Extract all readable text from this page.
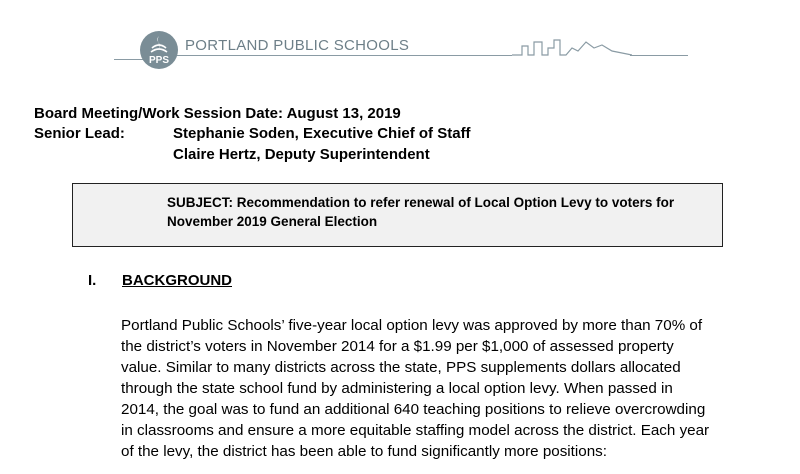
PPS
PORTLAND PUBLIC SCHOOLS
Board Meeting/Work Session Date: August 13, 2019
Senior Lead:	Stephanie Soden, Executive Chief of Staff
Claire Hertz, Deputy Superintendent
SUBJECT: Recommendation to refer renewal of Local Option Levy to voters for
November 2019 General Election
I. BACKGROUND

Portland Public Schools’ five-year local option levy was approved by more than 70% of
the district’s voters in November 2014 for a $1.99 per $1,000 of assessed property
value. Similar to many districts across the state, PPS supplements dollars allocated
through the state school fund by administering a local option levy. When passed in
2014, the goal was to fund an additional 640 teaching positions to relieve overcrowding
in classrooms and ensure a more equitable staffing model across the district. Each year
of the levy, the district has been able to fund significantly more positions:
